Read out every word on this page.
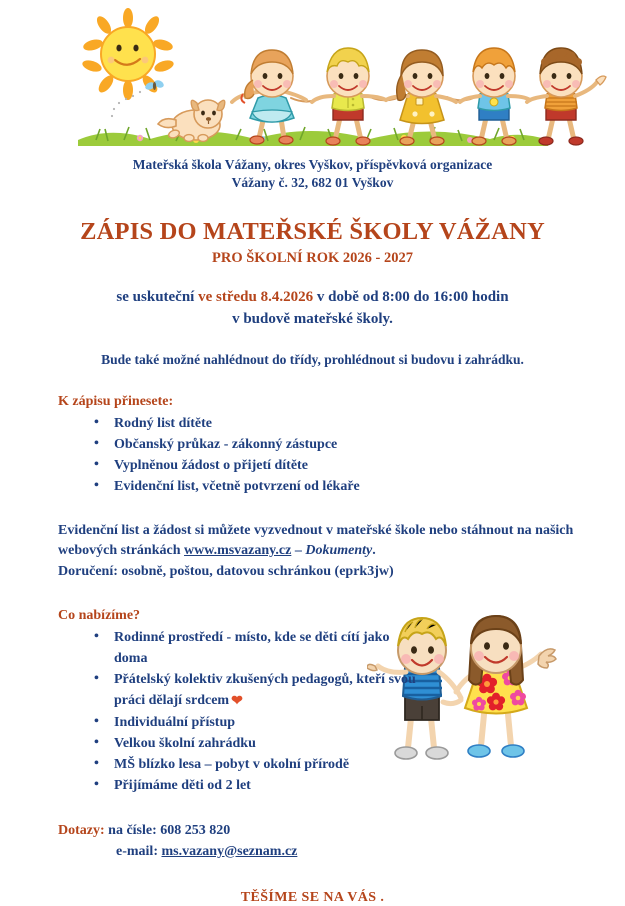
Mateřská škola Vážany, okres Vyškov, příspěvková organizace
Vážany č. 32, 682 01 Vyškov
ZÁPIS DO MATEŘSKÉ ŠKOLY VÁŽANY
PRO ŠKOLNÍ ROK 2026 - 2027
se uskuteční ve středu 8.4.2026 v době od 8:00 do 16:00 hodin
v budově mateřské školy.
Bude také možné nahlédnout do třídy, prohlédnout si budovu i zahrádku.
K zápisu přinesete:
• Rodný list dítěte
• Občanský průkaz - zákonný zástupce
• Vyplněnou žádost o přijetí dítěte
• Evidenční list, včetně potvrzení od lékaře
Evidenční list a žádost si můžete vyzvednout v mateřské škole nebo stáhnout na našich webových stránkách www.msvazany.cz – Dokumenty.
Doručení: osobně, poštou, datovou schránkou (eprk3jw)
Co nabízíme?
• Rodinné prostředí - místo, kde se děti cítí jako doma
• Přátelský kolektiv zkušených pedagogů, kteří svou práci dělají srdcem ❤
• Individuální přístup
• Velkou školní zahrádku
• MŠ blízko lesa – pobyt v okolní přírodě
• Přijímáme děti od 2 let
Dotazy: na čísle: 608 253 820
e-mail: ms.vazany@seznam.cz
TĚŠÍME SE NA VÁS .
